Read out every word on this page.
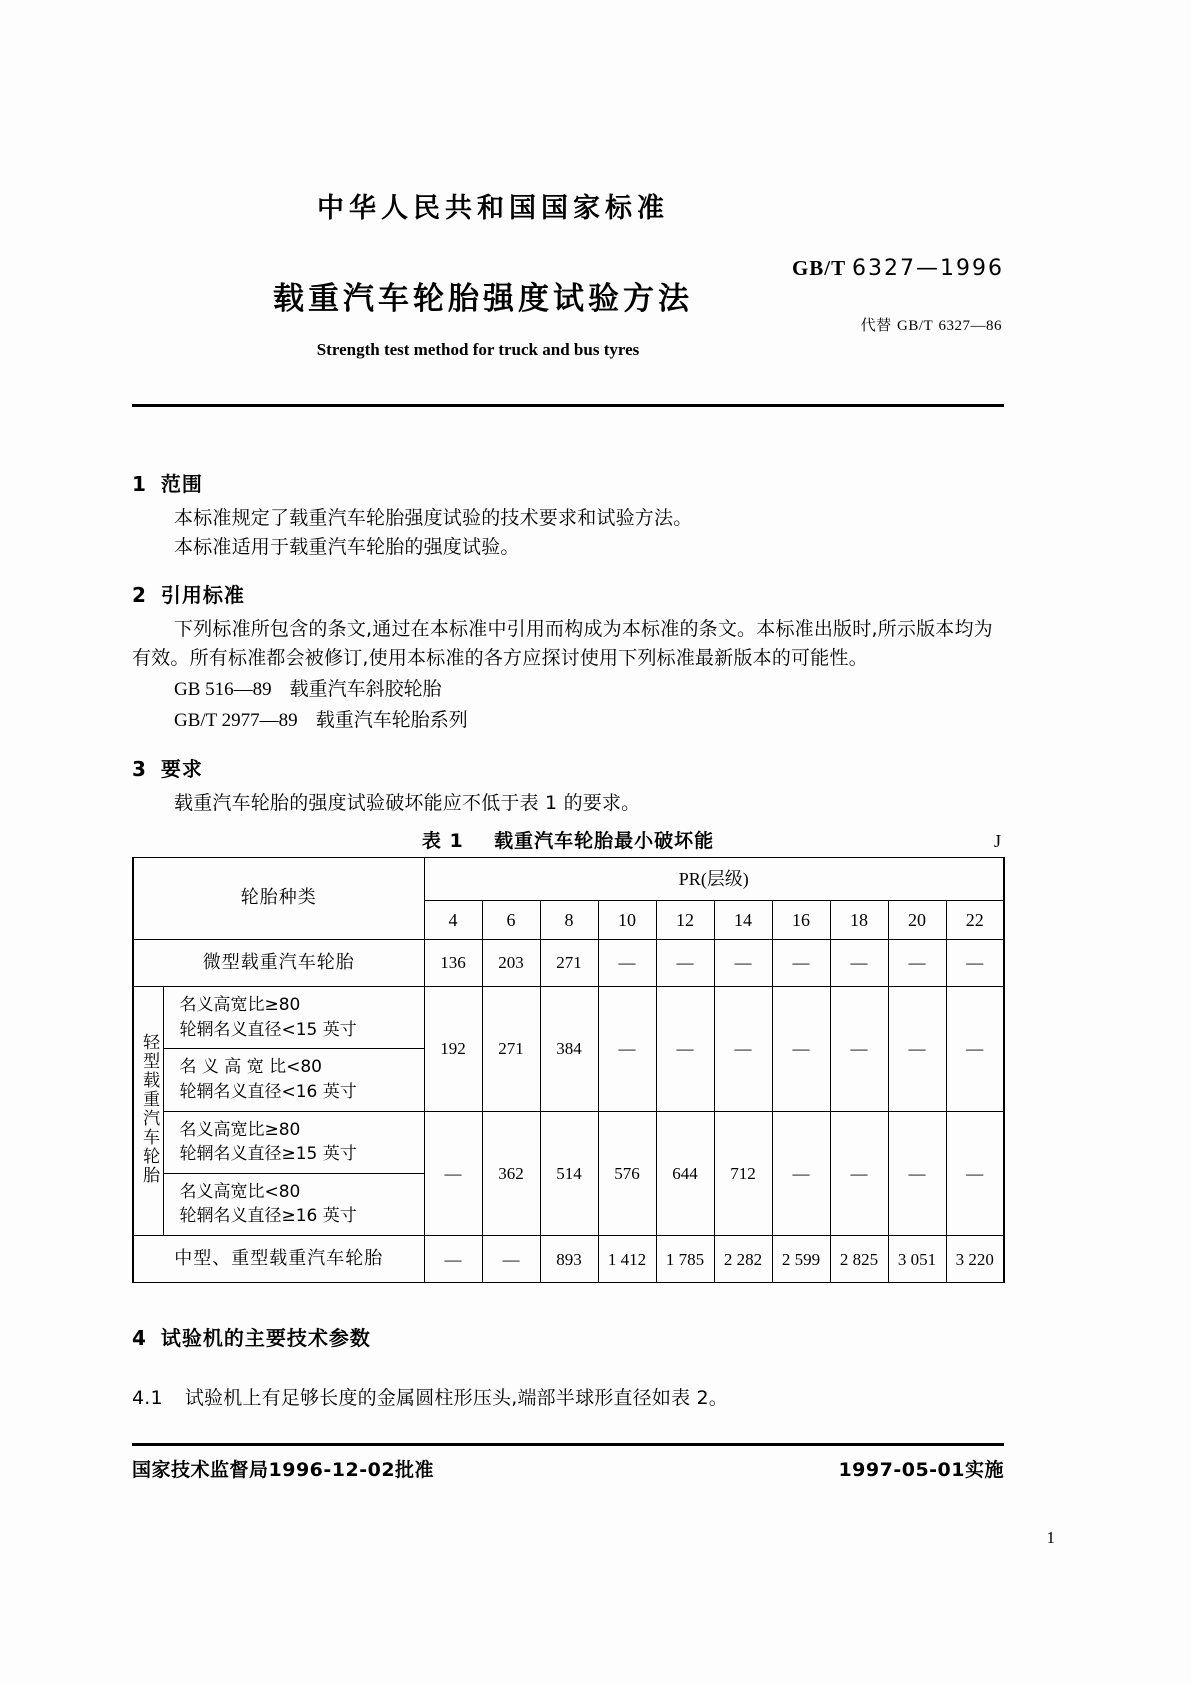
中华人民共和国国家标准
载重汽车轮胎强度试验方法
Strength test method for truck and bus tyres
GB/T 6327—1996
代替 GB/T 6327—86
1 范围

本标准规定了载重汽车轮胎强度试验的技术要求和试验方法。

本标准适用于载重汽车轮胎的强度试验。

2 引用标准

下列标准所包含的条文,通过在本标准中引用而构成为本标准的条文。本标准出版时,所示版本均为有效。所有标准都会被修订,使用本标准的各方应探讨使用下列标准最新版本的可能性。

GB 516—89 载重汽车斜胶轮胎

GB/T 2977—89 载重汽车轮胎系列

3 要求

载重汽车轮胎的强度试验破坏能应不低于表 1 的要求。

表 1 载重汽车轮胎最小破坏能	J
轮胎种类		PR(层级)									
		4	6	8	10	12	14	16	18	20	22
微型载重汽车轮胎		136	203	271	—	—	—	—	—	—	—
轻型载重汽车轮胎	名义高宽比≥80
轮辋名义直径<15 英寸	192	271	384	—	—	—	—	—	—	—

	名 义 高 宽 比<80
轮辋名义直径<16 英寸										

	名义高宽比≥80
轮辋名义直径≥15 英寸	—	362	514	576	644	712	—	—	—	—

	名义高宽比<80
轮辋名义直径≥16 英寸										

中型、重型载重汽车轮胎		—	—	893	1 412	1 785	2 282	2 599	2 825	3 051	3 220
4 试验机的主要技术参数
4.1 试验机上有足够长度的金属圆柱形压头,端部半球形直径如表 2。
国家技术监督局1996-12-02批准	1997-05-01实施
1
